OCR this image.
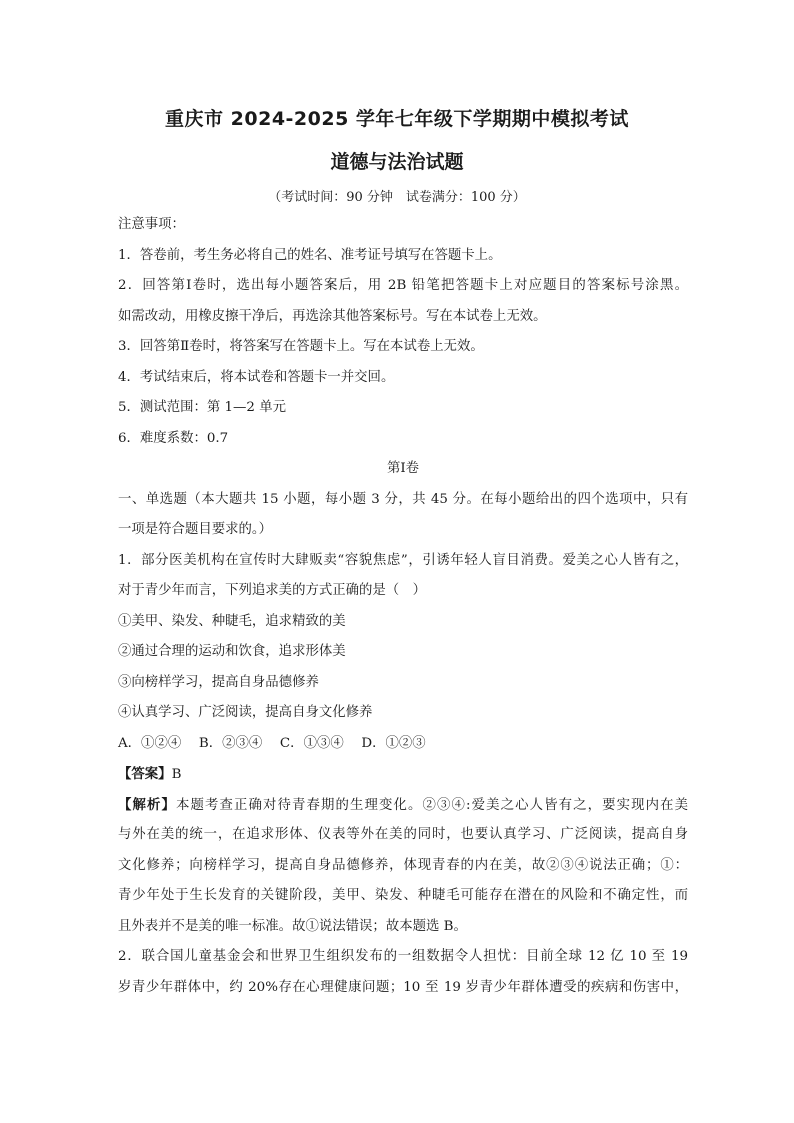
重庆市 2024-2025 学年七年级下学期期中模拟考试
道德与法治试题
（考试时间：90 分钟　试卷满分：100 分）
注意事项：
1．答卷前，考生务必将自己的姓名、准考证号填写在答题卡上。
2．回答第Ⅰ卷时，选出每小题答案后，用 2B 铅笔把答题卡上对应题目的答案标号涂黑。
如需改动，用橡皮擦干净后，再选涂其他答案标号。写在本试卷上无效。
3．回答第Ⅱ卷时，将答案写在答题卡上。写在本试卷上无效。
4．考试结束后，将本试卷和答题卡一并交回。
5．测试范围：第 1—2 单元
6．难度系数：0.7
第Ⅰ卷
一、单选题（本大题共 15 小题，每小题 3 分，共 45 分。在每小题给出的四个选项中，只有
一项是符合题目要求的。）
1．部分医美机构在宣传时大肆贩卖“容貌焦虑”，引诱年轻人盲目消费。爱美之心人皆有之，
对于青少年而言，下列追求美的方式正确的是（　）
①美甲、染发、种睫毛，追求精致的美
②通过合理的运动和饮食，追求形体美
③向榜样学习，提高自身品德修养
④认真学习、广泛阅读，提高自身文化修养
A．①②④　 B．②③④　 C．①③④　 D．①②③
【答案】B
【解析】本题考查正确对待青春期的生理变化。②③④:爱美之心人皆有之，要实现内在美
与外在美的统一，在追求形体、仪表等外在美的同时，也要认真学习、广泛阅读，提高自身
文化修养；向榜样学习，提高自身品德修养，体现青春的内在美，故②③④说法正确；①：
青少年处于生长发育的关键阶段，美甲、染发、种睫毛可能存在潜在的风险和不确定性，而
且外表并不是美的唯一标准。故①说法错误；故本题选 B。
2．联合国儿童基金会和世界卫生组织发布的一组数据令人担忧：目前全球 12 亿 10 至 19
岁青少年群体中，约 20%存在心理健康问题；10 至 19 岁青少年群体遭受的疾病和伤害中，
